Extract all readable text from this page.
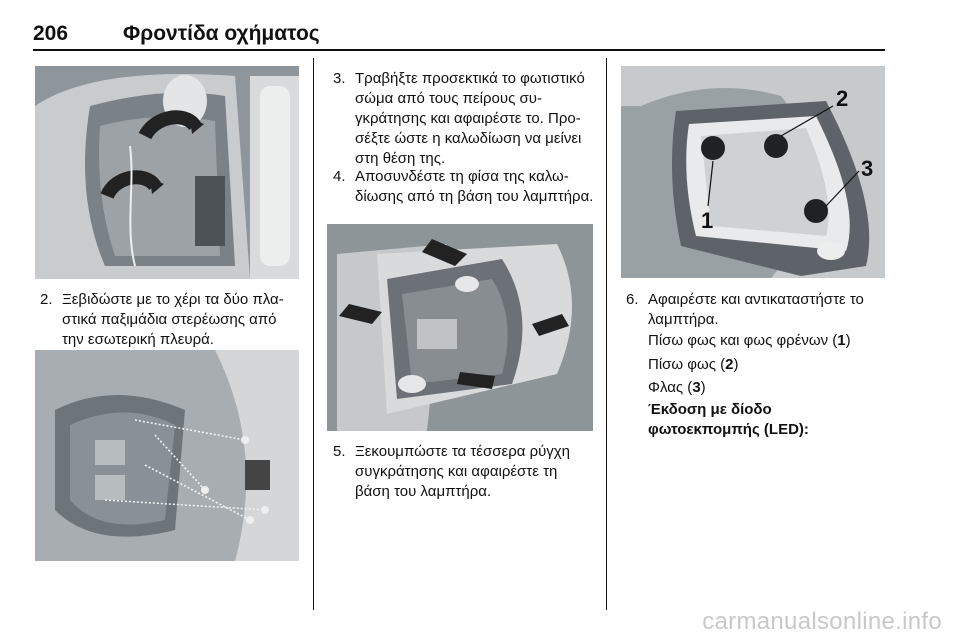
206	Φροντίδα οχήματος
2. Ξεβιδώστε με το χέρι τα δύο πλαστικά παξιμάδια στερέωσης από την εσωτερική πλευρά.
3. Τραβήξτε προσεκτικά το φωτιστικό σώμα από τους πείρους συγκράτησης και αφαιρέστε το. Προσέξτε ώστε η καλωδίωση να μείνει στη θέση της.
4. Αποσυνδέστε τη φίσα της καλωδίωσης από τη βάση του λαμπτήρα.
5. Ξεκουμπώστε τα τέσσερα ρύγχη συγκράτησης και αφαιρέστε τη βάση του λαμπτήρα.
1
2
3
6. Αφαιρέστε και αντικαταστήστε το λαμπτήρα.
Πίσω φως και φως φρένων (1)
Πίσω φως (2)
Φλας (3)
Έκδοση με δίοδο φωτοεκπομπής (LED):
carmanualsonline.info
